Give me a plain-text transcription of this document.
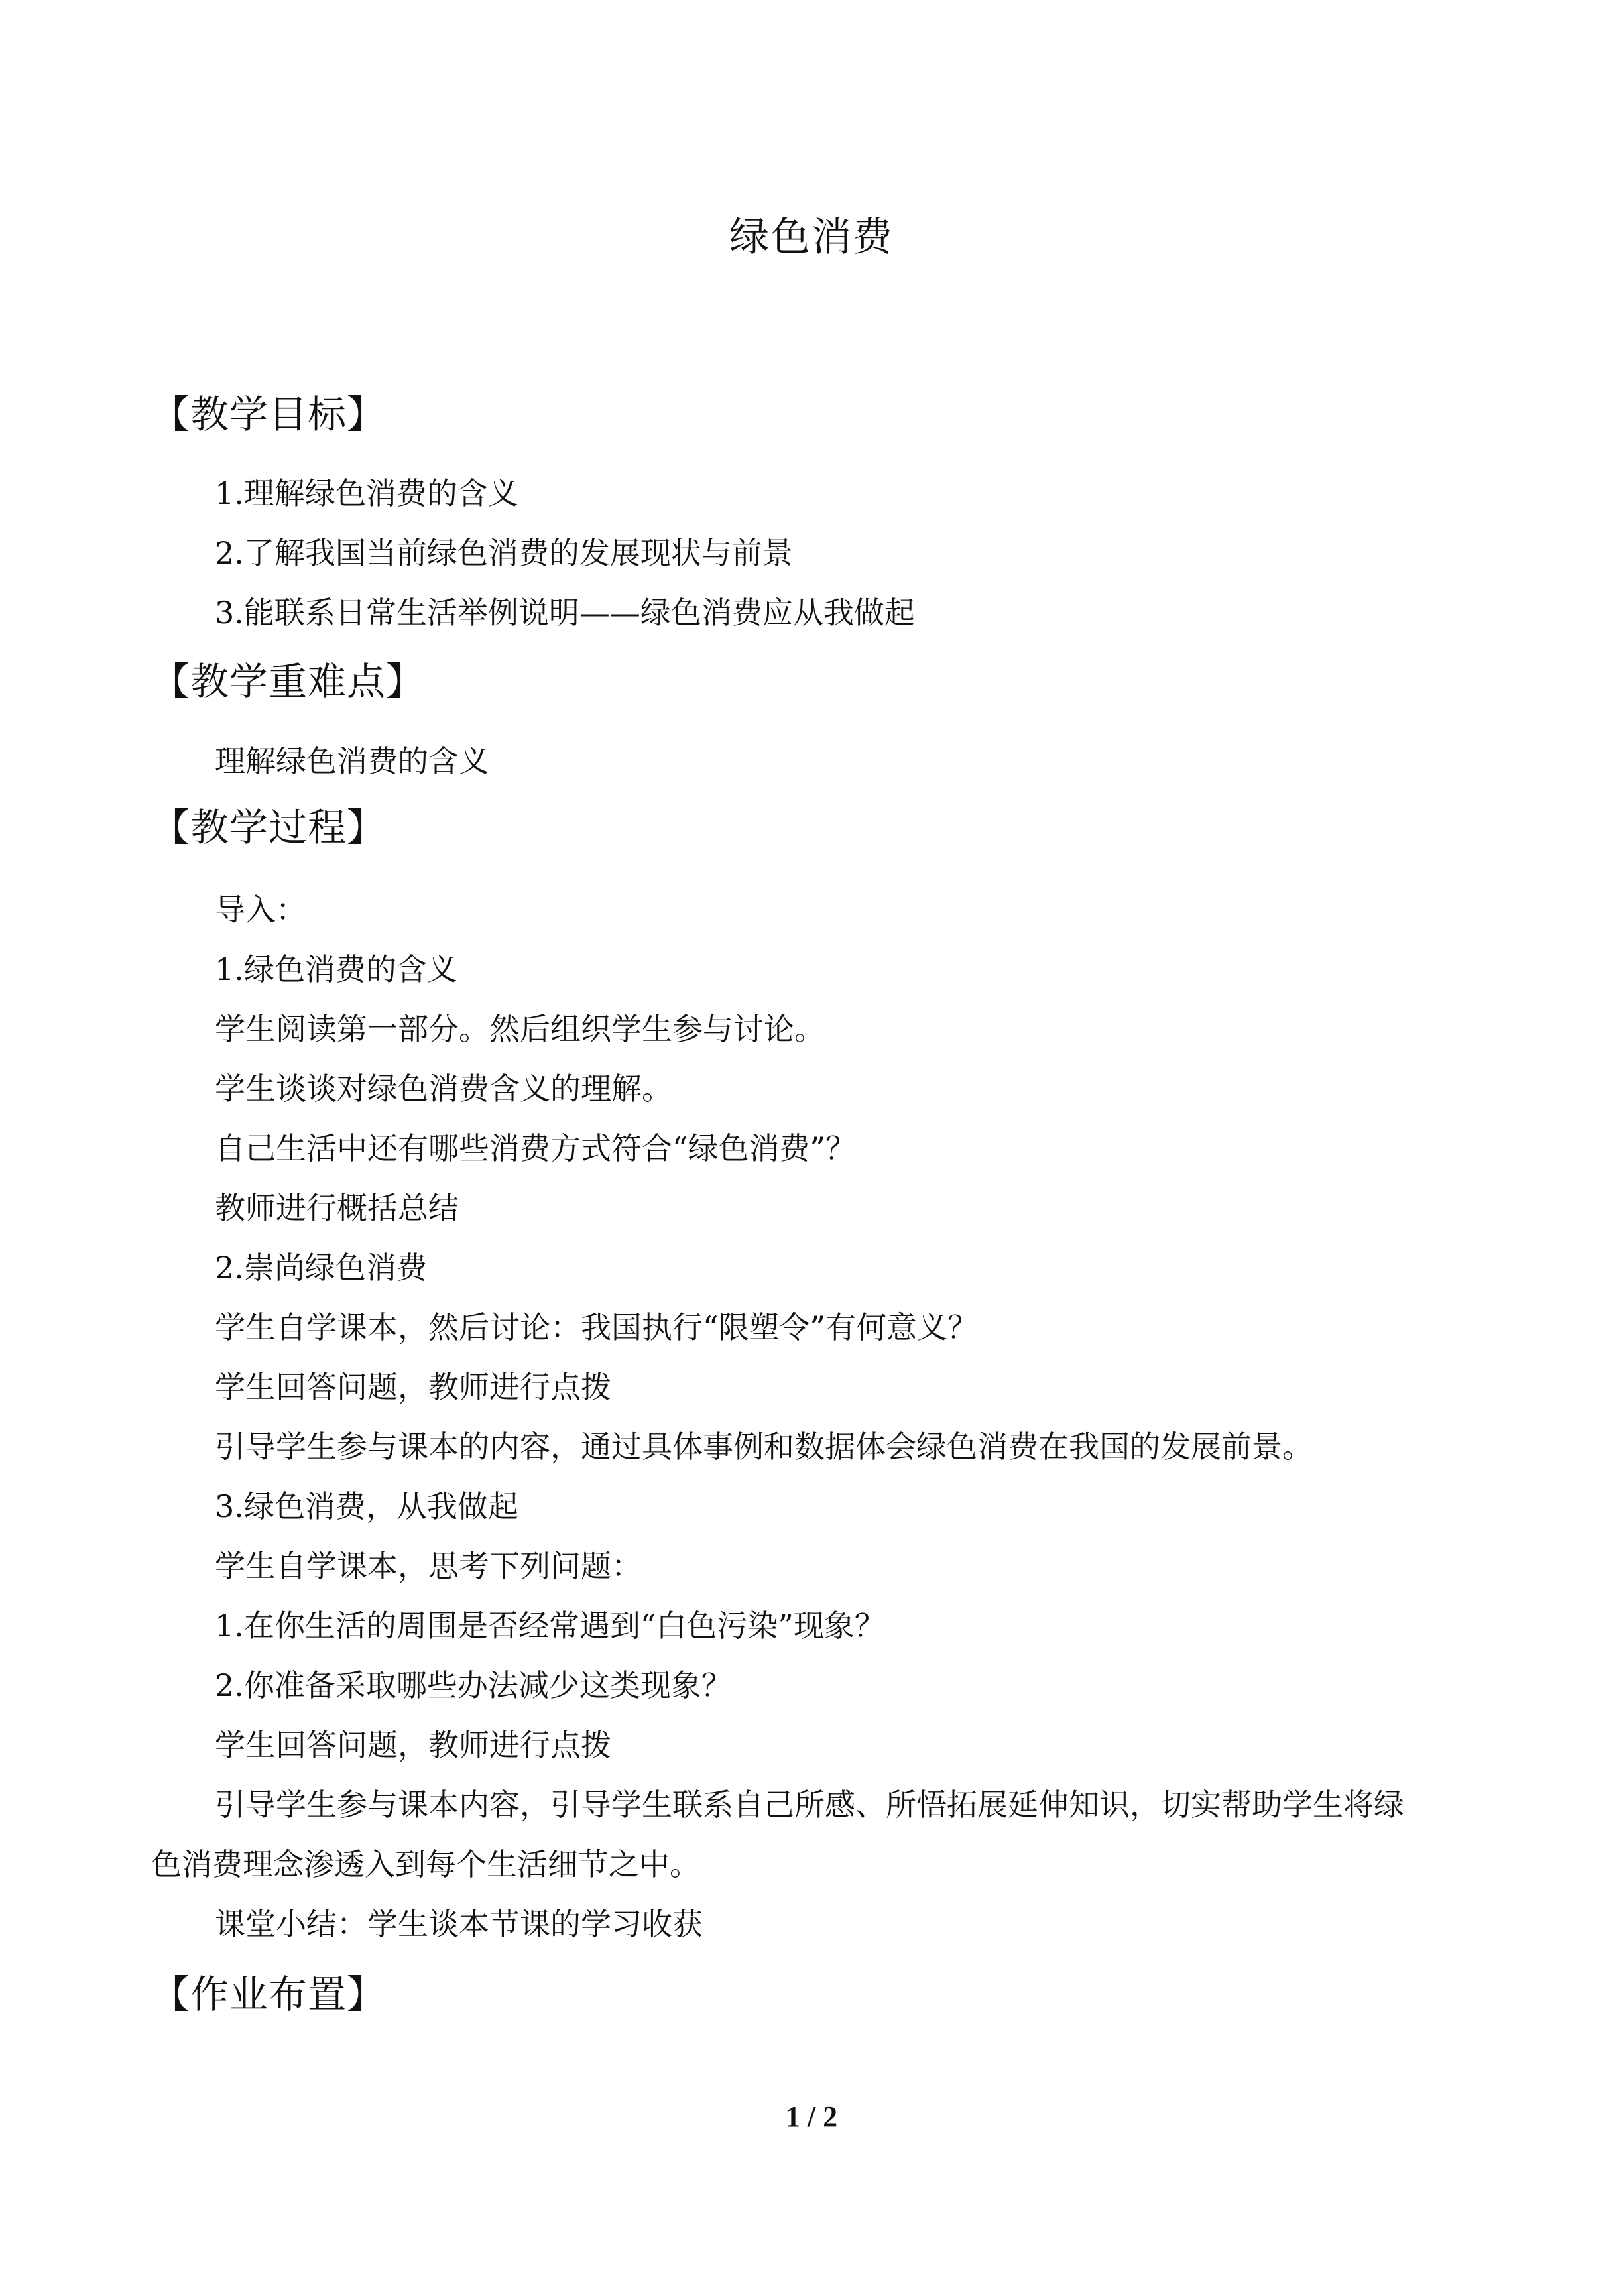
绿色消费
【教学目标】
1.理解绿色消费的含义
2.了解我国当前绿色消费的发展现状与前景
3.能联系日常生活举例说明——绿色消费应从我做起
【教学重难点】
理解绿色消费的含义
【教学过程】
导入：
1.绿色消费的含义
学生阅读第一部分。然后组织学生参与讨论。
学生谈谈对绿色消费含义的理解。
自己生活中还有哪些消费方式符合“绿色消费”？
教师进行概括总结
2.崇尚绿色消费
学生自学课本，然后讨论：我国执行“限塑令”有何意义？
学生回答问题，教师进行点拨
引导学生参与课本的内容，通过具体事例和数据体会绿色消费在我国的发展前景。
3.绿色消费，从我做起
学生自学课本，思考下列问题：
1.在你生活的周围是否经常遇到“白色污染”现象？
2.你准备采取哪些办法减少这类现象？
学生回答问题，教师进行点拨
引导学生参与课本内容，引导学生联系自己所感、所悟拓展延伸知识，切实帮助学生将绿
色消费理念渗透入到每个生活细节之中。
课堂小结：学生谈本节课的学习收获
【作业布置】
1 / 2
